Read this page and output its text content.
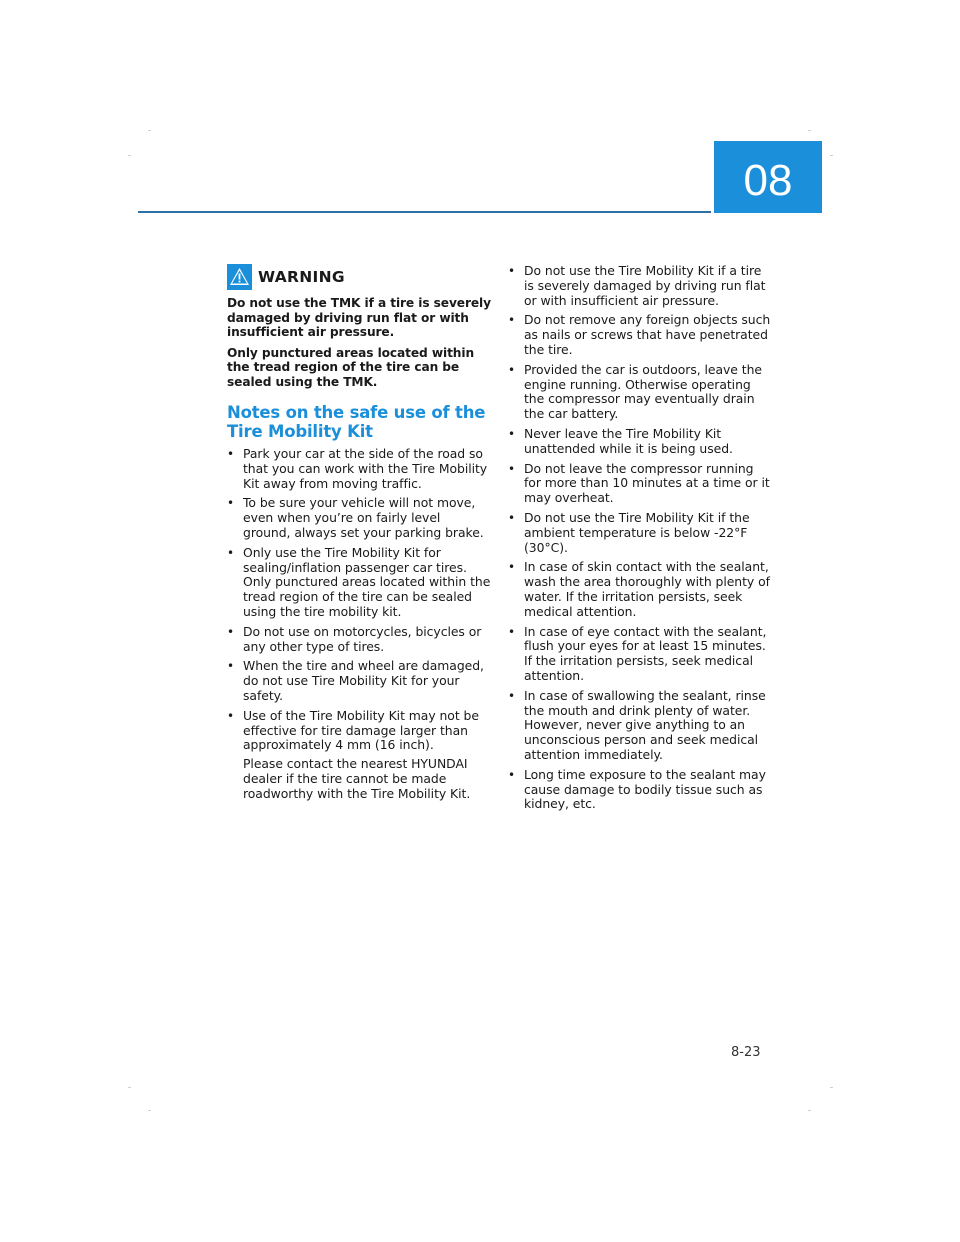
08
WARNING

Do not use the TMK if a tire is severely damaged by driving run flat or with insufficient air pressure.

Only punctured areas located within the tread region of the tire can be sealed using the TMK.

Notes on the safe use of the Tire Mobility Kit
• Park your car at the side of the road so that you can work with the Tire Mobility Kit away from moving traffic.
• To be sure your vehicle will not move, even when you’re on fairly level ground, always set your parking brake.
• Only use the Tire Mobility Kit for sealing/inflation passenger car tires. Only punctured areas located within the tread region of the tire can be sealed using the tire mobility kit.
• Do not use on motorcycles, bicycles or any other type of tires.
• When the tire and wheel are damaged, do not use Tire Mobility Kit for your safety.
• Use of the Tire Mobility Kit may not be effective for tire damage larger than approximately 4 mm (16 inch).
Please contact the nearest HYUNDAI dealer if the tire cannot be made roadworthy with the Tire Mobility Kit.
• Do not use the Tire Mobility Kit if a tire is severely damaged by driving run flat or with insufficient air pressure.
• Do not remove any foreign objects such as nails or screws that have penetrated the tire.
• Provided the car is outdoors, leave the engine running. Otherwise operating the compressor may eventually drain the car battery.
• Never leave the Tire Mobility Kit unattended while it is being used.
• Do not leave the compressor running for more than 10 minutes at a time or it may overheat.
• Do not use the Tire Mobility Kit if the ambient temperature is below -22°F (30°C).
• In case of skin contact with the sealant, wash the area thoroughly with plenty of water. If the irritation persists, seek medical attention.
• In case of eye contact with the sealant, flush your eyes for at least 15 minutes. If the irritation persists, seek medical attention.
• In case of swallowing the sealant, rinse the mouth and drink plenty of water. However, never give anything to an unconscious person and seek medical attention immediately.
• Long time exposure to the sealant may cause damage to bodily tissue such as kidney, etc.
8-23
